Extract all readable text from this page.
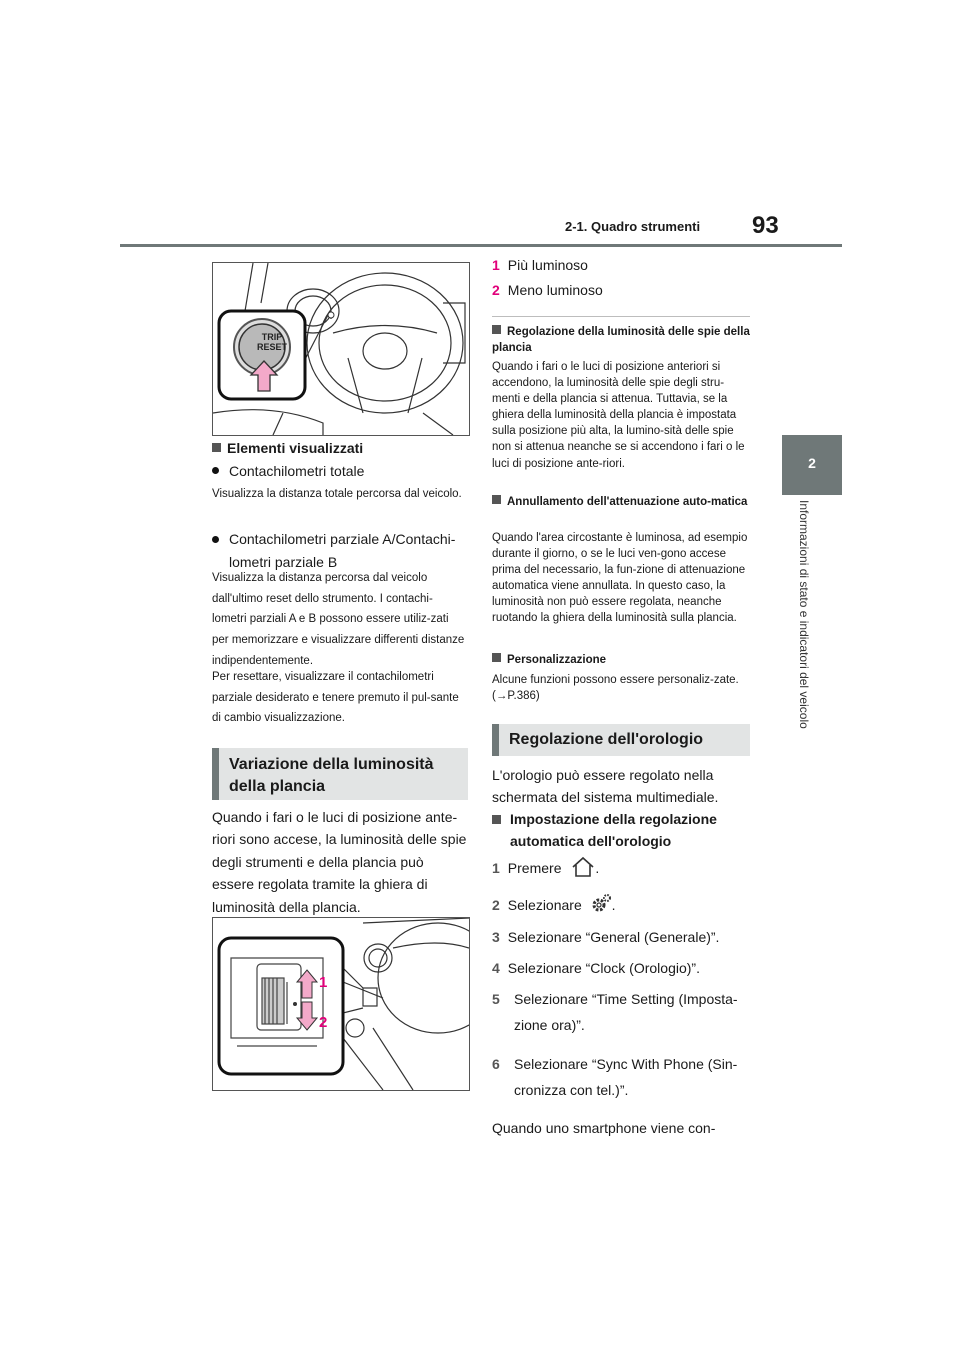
93
2-1. Quadro strumenti
2
Informazioni di stato e indicatori del veicolo
TRIP
RESET
Elementi visualizzati
Contachilometri totale
Visualizza la distanza totale percorsa dal veicolo.
Contachilometri parziale A/Contachi-lometri parziale B
Visualizza la distanza percorsa dal veicolo dall'ultimo reset dello strumento. I contachi-lometri parziali A e B possono essere utiliz-zati per memorizzare e visualizzare differenti distanze indipendentemente.
Per resettare, visualizzare il contachilometri parziale desiderato e tenere premuto il pul-sante di cambio visualizzazione.
Variazione della luminosità della plancia
Quando i fari o le luci di posizione ante-riori sono accese, la luminosità delle spie degli strumenti e della plancia può essere regolata tramite la ghiera di luminosità della plancia.
1
2
1 Più luminoso
2 Meno luminoso
Regolazione della luminosità delle spie della plancia
Quando i fari o le luci di posizione anteriori si accendono, la luminosità delle spie degli stru-menti e della plancia si attenua. Tuttavia, se la ghiera della luminosità della plancia è impostata sulla posizione più alta, la lumino-sità delle spie non si attenua neanche se si accendono i fari o le luci di posizione ante-riori.
Annullamento dell'attenuazione auto-matica
Quando l'area circostante è luminosa, ad esempio durante il giorno, o se le luci ven-gono accese prima del necessario, la fun-zione di attenuazione automatica viene annullata. In questo caso, la luminosità non può essere regolata, neanche ruotando la ghiera della luminosità sulla plancia.
Personalizzazione
Alcune funzioni possono essere personaliz-zate. (→P.386)
Regolazione dell'orologio
L'orologio può essere regolato nella schermata del sistema multimediale.
Impostazione della regolazione automatica dell'orologio
1 Premere .
2 Selezionare .
3 Selezionare “General (Generale)”.
4 Selezionare “Clock (Orologio)”.
5	Selezionare “Time Setting (Imposta-zione ora)”.
6	Selezionare “Sync With Phone (Sin-cronizza con tel.)”.
Quando uno smartphone viene con-
